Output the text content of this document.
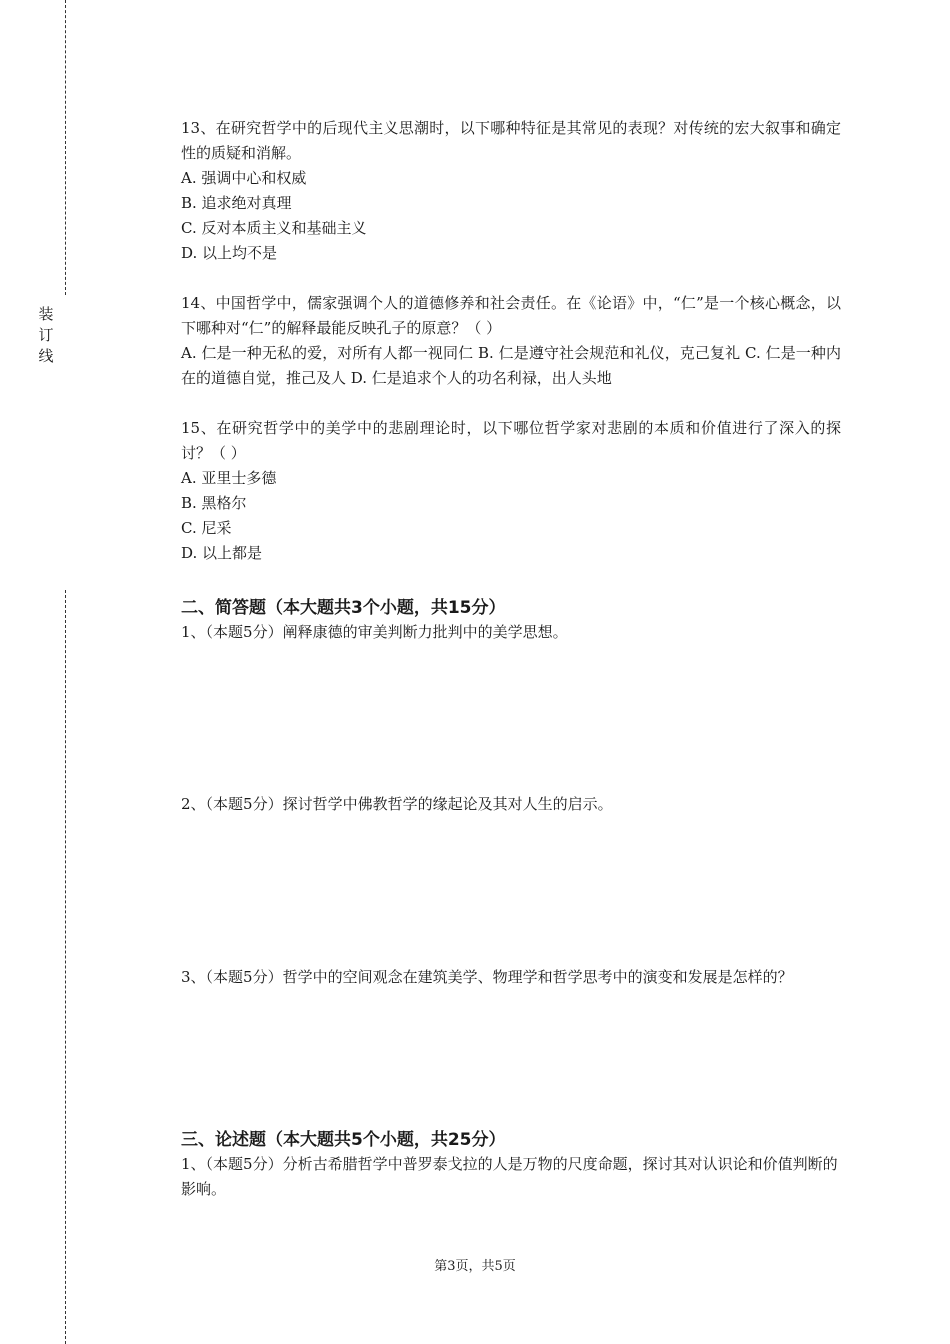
装
订
线

13、在研究哲学中的后现代主义思潮时，以下哪种特征是其常见的表现？对传统的宏大叙事和确定性的质疑和消解。

A. 强调中心和权威

B. 追求绝对真理

C. 反对本质主义和基础主义

D. 以上均不是

14、中国哲学中，儒家强调个人的道德修养和社会责任。在《论语》中，“仁”是一个核心概念，以下哪种对“仁”的解释最能反映孔子的原意？（ ）

A. 仁是一种无私的爱，对所有人都一视同仁 B. 仁是遵守社会规范和礼仪，克己复礼 C. 仁是一种内在的道德自觉，推己及人 D. 仁是追求个人的功名利禄，出人头地

15、在研究哲学中的美学中的悲剧理论时，以下哪位哲学家对悲剧的本质和价值进行了深入的探讨？（ ）

A. 亚里士多德

B. 黑格尔

C. 尼采

D. 以上都是

二、简答题（本大题共3个小题，共15分）

1、（本题5分）阐释康德的审美判断力批判中的美学思想。

2、（本题5分）探讨哲学中佛教哲学的缘起论及其对人生的启示。

3、（本题5分）哲学中的空间观念在建筑美学、物理学和哲学思考中的演变和发展是怎样的？

三、论述题（本大题共5个小题，共25分）

1、（本题5分）分析古希腊哲学中普罗泰戈拉的人是万物的尺度命题，探讨其对认识论和价值判断的影响。

第3页，共5页
